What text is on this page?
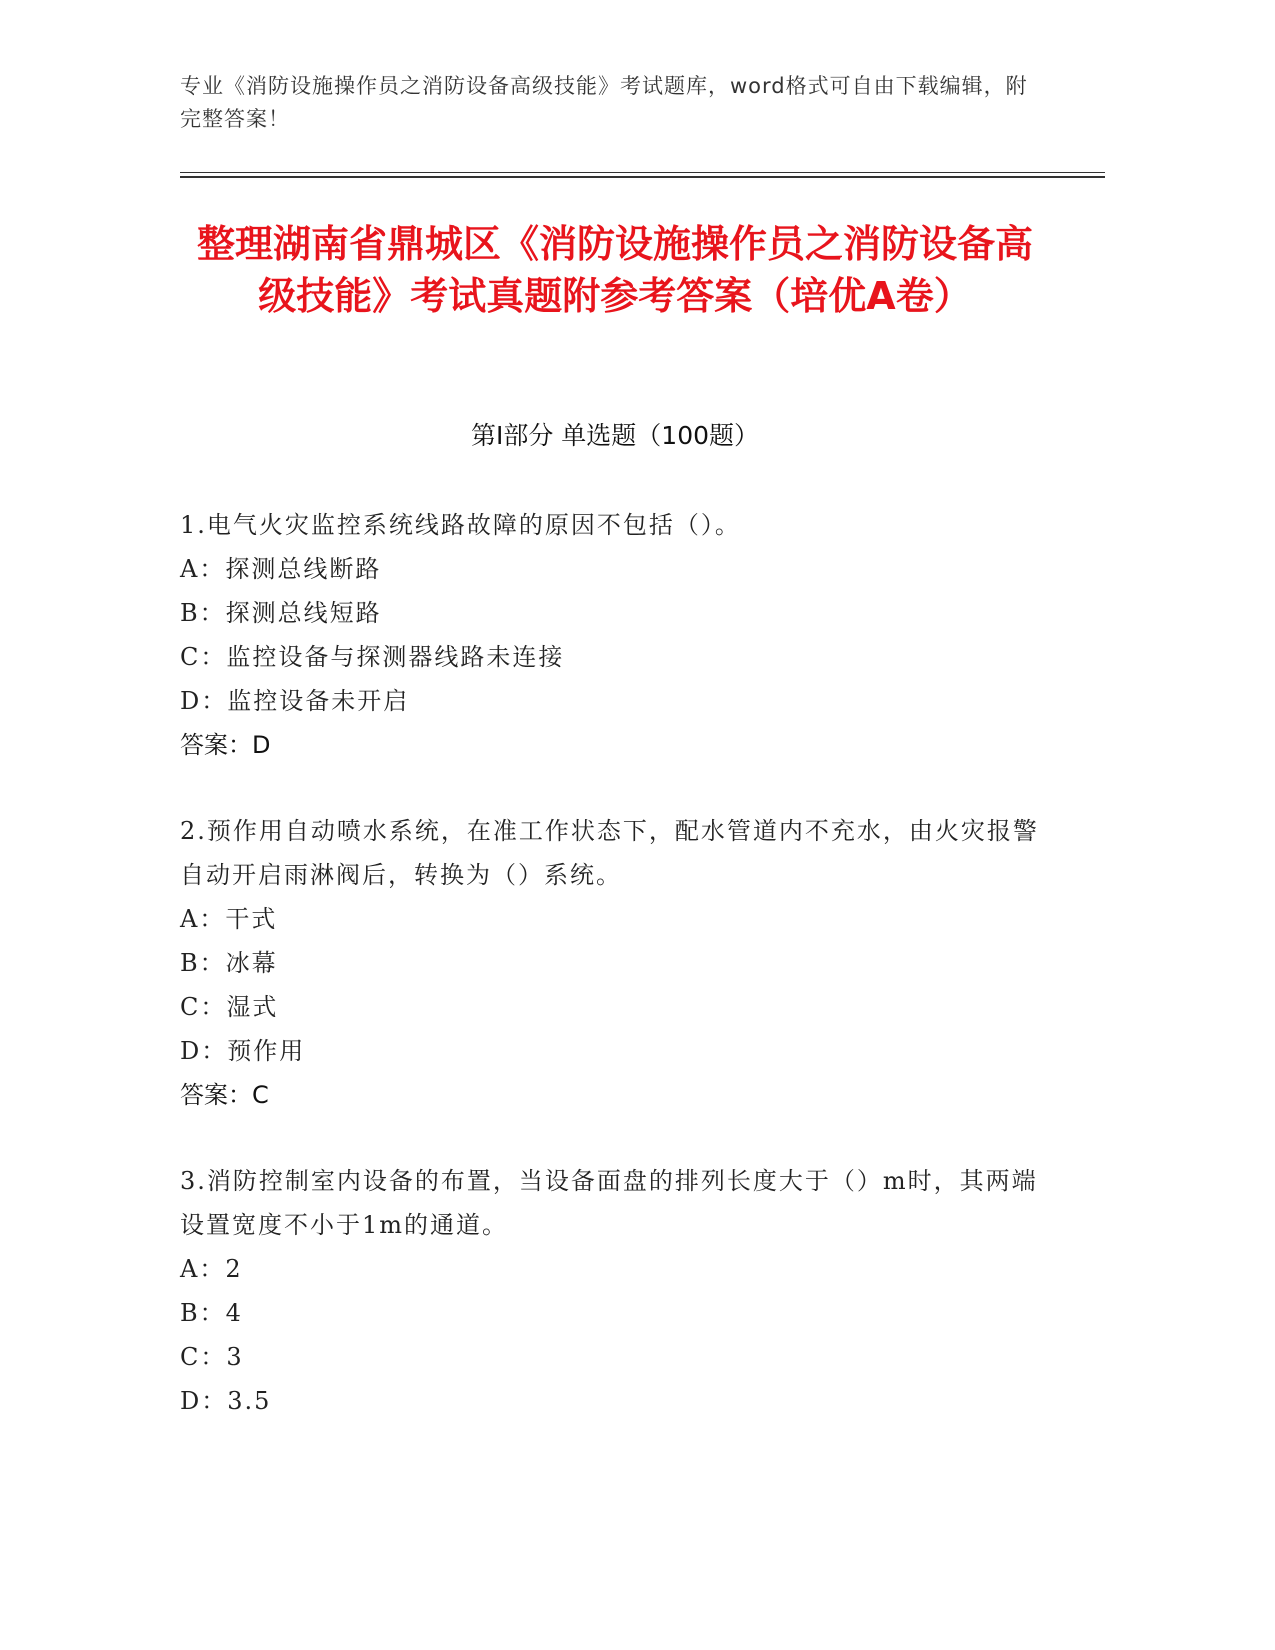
专业《消防设施操作员之消防设备高级技能》考试题库，word格式可自由下载编辑，附完整答案！
整理湖南省鼎城区《消防设施操作员之消防设备高级技能》考试真题附参考答案（培优A卷）
第I部分 单选题（100题）

1.电气火灾监控系统线路故障的原因不包括（）。

A：探测总线断路

B：探测总线短路

C：监控设备与探测器线路未连接

D：监控设备未开启

答案：D

2.预作用自动喷水系统，在准工作状态下，配水管道内不充水，由火灾报警自动开启雨淋阀后，转换为（）系统。

A：干式

B：冰幕

C：湿式

D：预作用

答案：C

3.消防控制室内设备的布置，当设备面盘的排列长度大于（）m时，其两端设置宽度不小于1m的通道。

A：2

B：4

C：3

D：3.5
